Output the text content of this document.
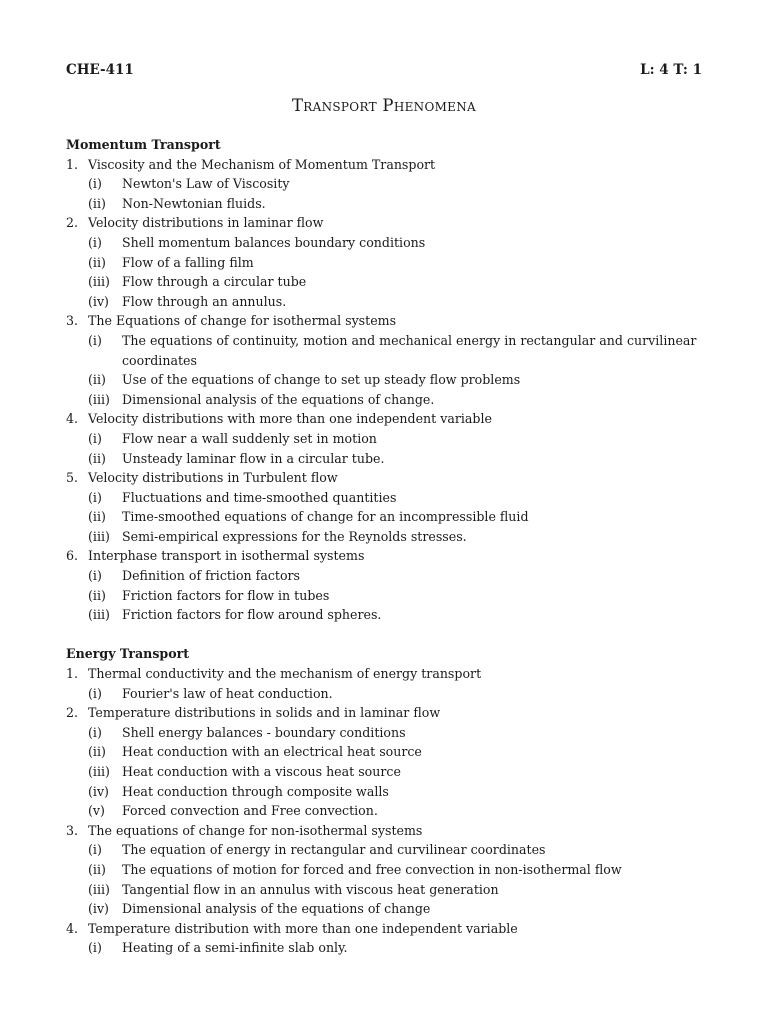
CHE-411	L: 4 T: 1
Transport Phenomena
Momentum Transport
1. Viscosity and the Mechanism of Momentum Transport
(i)	Newton's Law of Viscosity
(ii)	Non-Newtonian fluids.
2. Velocity distributions in laminar flow
(i)	Shell momentum balances boundary conditions
(ii)	Flow of a falling film
(iii) Flow through a circular tube
(iv)	Flow through an annulus.
3. The Equations of change for isothermal systems
(i)	The equations of continuity, motion and mechanical energy in rectangular and curvilinear coordinates
(ii)	Use of the equations of change to set up steady flow problems
(iii) Dimensional analysis of the equations of change.
4. Velocity distributions with more than one independent variable
(i)	Flow near a wall suddenly set in motion
(ii)	Unsteady laminar flow in a circular tube.
5. Velocity distributions in Turbulent flow
(i)	Fluctuations and time-smoothed quantities
(ii)	Time-smoothed equations of change for an incompressible fluid
(iii) Semi-empirical expressions for the Reynolds stresses.
6. Interphase transport in isothermal systems
(i)	Definition of friction factors
(ii)	Friction factors for flow in tubes
(iii) Friction factors for flow around spheres.
Energy Transport
1. Thermal conductivity and the mechanism of energy transport
(i)	Fourier's law of heat conduction.
2. Temperature distributions in solids and in laminar flow
(i)	Shell energy balances - boundary conditions
(ii)	Heat conduction with an electrical heat source
(iii) Heat conduction with a viscous heat source
(iv)	Heat conduction through composite walls
(v)	Forced convection and Free convection.
3. The equations of change for non-isothermal systems
(i)	The equation of energy in rectangular and curvilinear coordinates
(ii)	The equations of motion for forced and free convection in non-isothermal flow
(iii) Tangential flow in an annulus with viscous heat generation
(iv)	Dimensional analysis of the equations of change
4. Temperature distribution with more than one independent variable
(i)	Heating of a semi-infinite slab only.
